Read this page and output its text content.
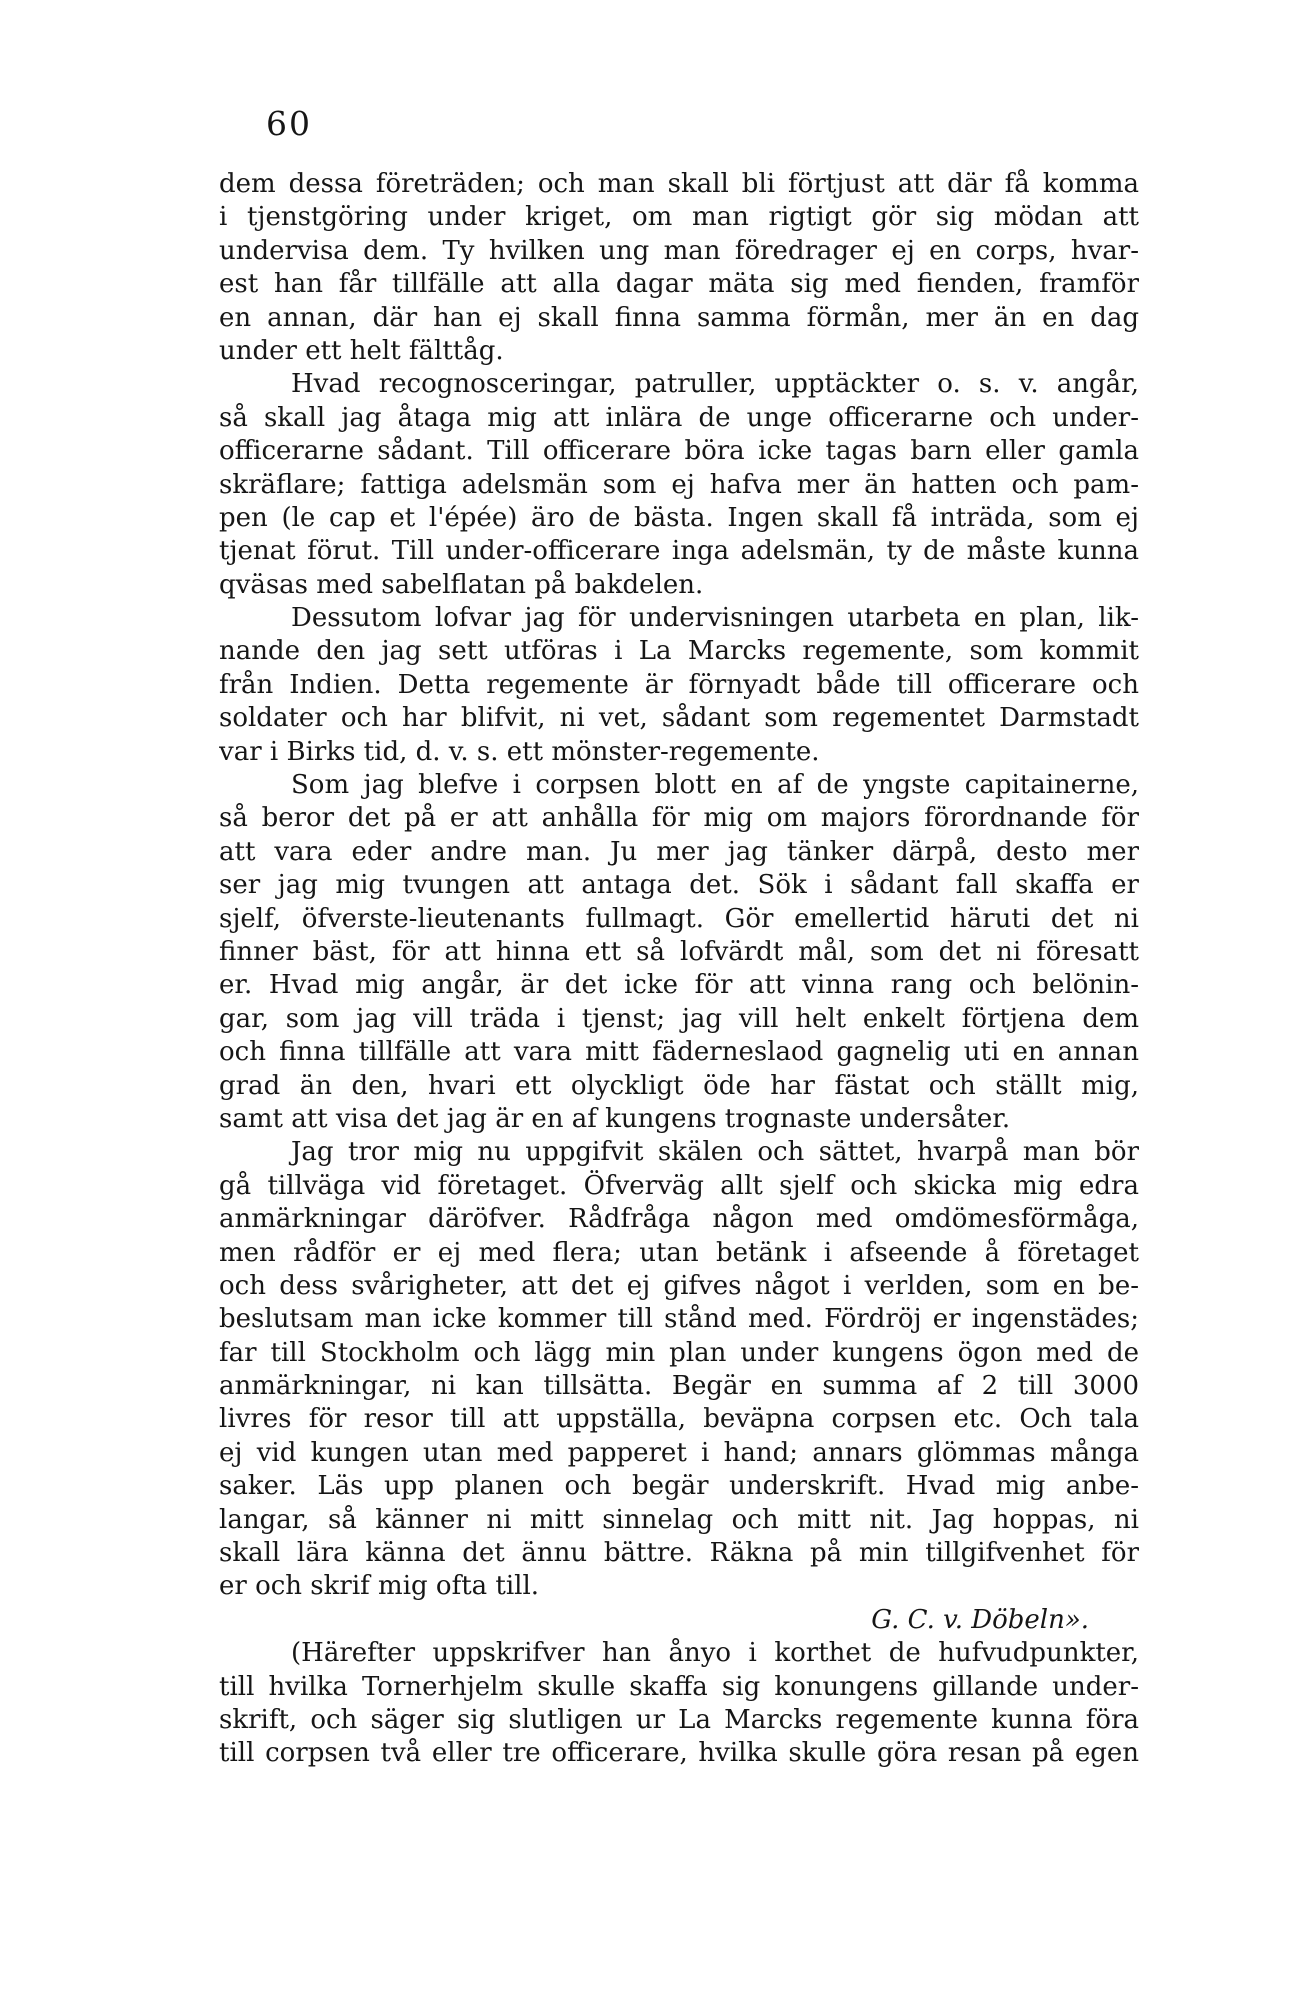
60
dem dessa företräden; och man skall bli förtjust att där få komma
i tjenstgöring under kriget, om man rigtigt gör sig mödan att
undervisa dem. Ty hvilken ung man föredrager ej en corps, hvar-
est han får tillfälle att alla dagar mäta sig med fienden, framför
en annan, där han ej skall finna samma förmån, mer än en dag
under ett helt fälttåg.
Hvad recognosceringar, patruller, upptäckter o. s. v. angår,
så skall jag åtaga mig att inlära de unge officerarne och under-
officerarne sådant. Till officerare böra icke tagas barn eller gamla
skräflare; fattiga adelsmän som ej hafva mer än hatten och pam-
pen (le cap et l'épée) äro de bästa. Ingen skall få inträda, som ej
tjenat förut. Till under-officerare inga adelsmän, ty de måste kunna
qväsas med sabelflatan på bakdelen.
Dessutom lofvar jag för undervisningen utarbeta en plan, lik-
nande den jag sett utföras i La Marcks regemente, som kommit
från Indien. Detta regemente är förnyadt både till officerare och
soldater och har blifvit, ni vet, sådant som regementet Darmstadt
var i Birks tid, d. v. s. ett mönster-regemente.
Som jag blefve i corpsen blott en af de yngste capitainerne,
så beror det på er att anhålla för mig om majors förordnande för
att vara eder andre man. Ju mer jag tänker därpå, desto mer
ser jag mig tvungen att antaga det. Sök i sådant fall skaffa er
sjelf, öfverste-lieutenants fullmagt. Gör emellertid häruti det ni
finner bäst, för att hinna ett så lofvärdt mål, som det ni föresatt
er. Hvad mig angår, är det icke för att vinna rang och belönin-
gar, som jag vill träda i tjenst; jag vill helt enkelt förtjena dem
och finna tillfälle att vara mitt fäderneslaod gagnelig uti en annan
grad än den, hvari ett olyckligt öde har fästat och ställt mig,
samt att visa det jag är en af kungens trognaste undersåter.
Jag tror mig nu uppgifvit skälen och sättet, hvarpå man bör
gå tillväga vid företaget. Öfverväg allt sjelf och skicka mig edra
anmärkningar däröfver. Rådfråga någon med omdömesförmåga,
men rådför er ej med flera; utan betänk i afseende å företaget
och dess svårigheter, att det ej gifves något i verlden, som en be-
beslutsam man icke kommer till stånd med. Fördröj er ingenstädes;
far till Stockholm och lägg min plan under kungens ögon med de
anmärkningar, ni kan tillsätta. Begär en summa af 2 till 3000
livres för resor till att uppställa, beväpna corpsen etc. Och tala
ej vid kungen utan med papperet i hand; annars glömmas många
saker. Läs upp planen och begär underskrift. Hvad mig anbe-
langar, så känner ni mitt sinnelag och mitt nit. Jag hoppas, ni
skall lära känna det ännu bättre. Räkna på min tillgifvenhet för
er och skrif mig ofta till.
G. C. v. Döbeln».
(Härefter uppskrifver han ånyo i korthet de hufvudpunkter,
till hvilka Tornerhjelm skulle skaffa sig konungens gillande under-
skrift, och säger sig slutligen ur La Marcks regemente kunna föra
till corpsen två eller tre officerare, hvilka skulle göra resan på egen
